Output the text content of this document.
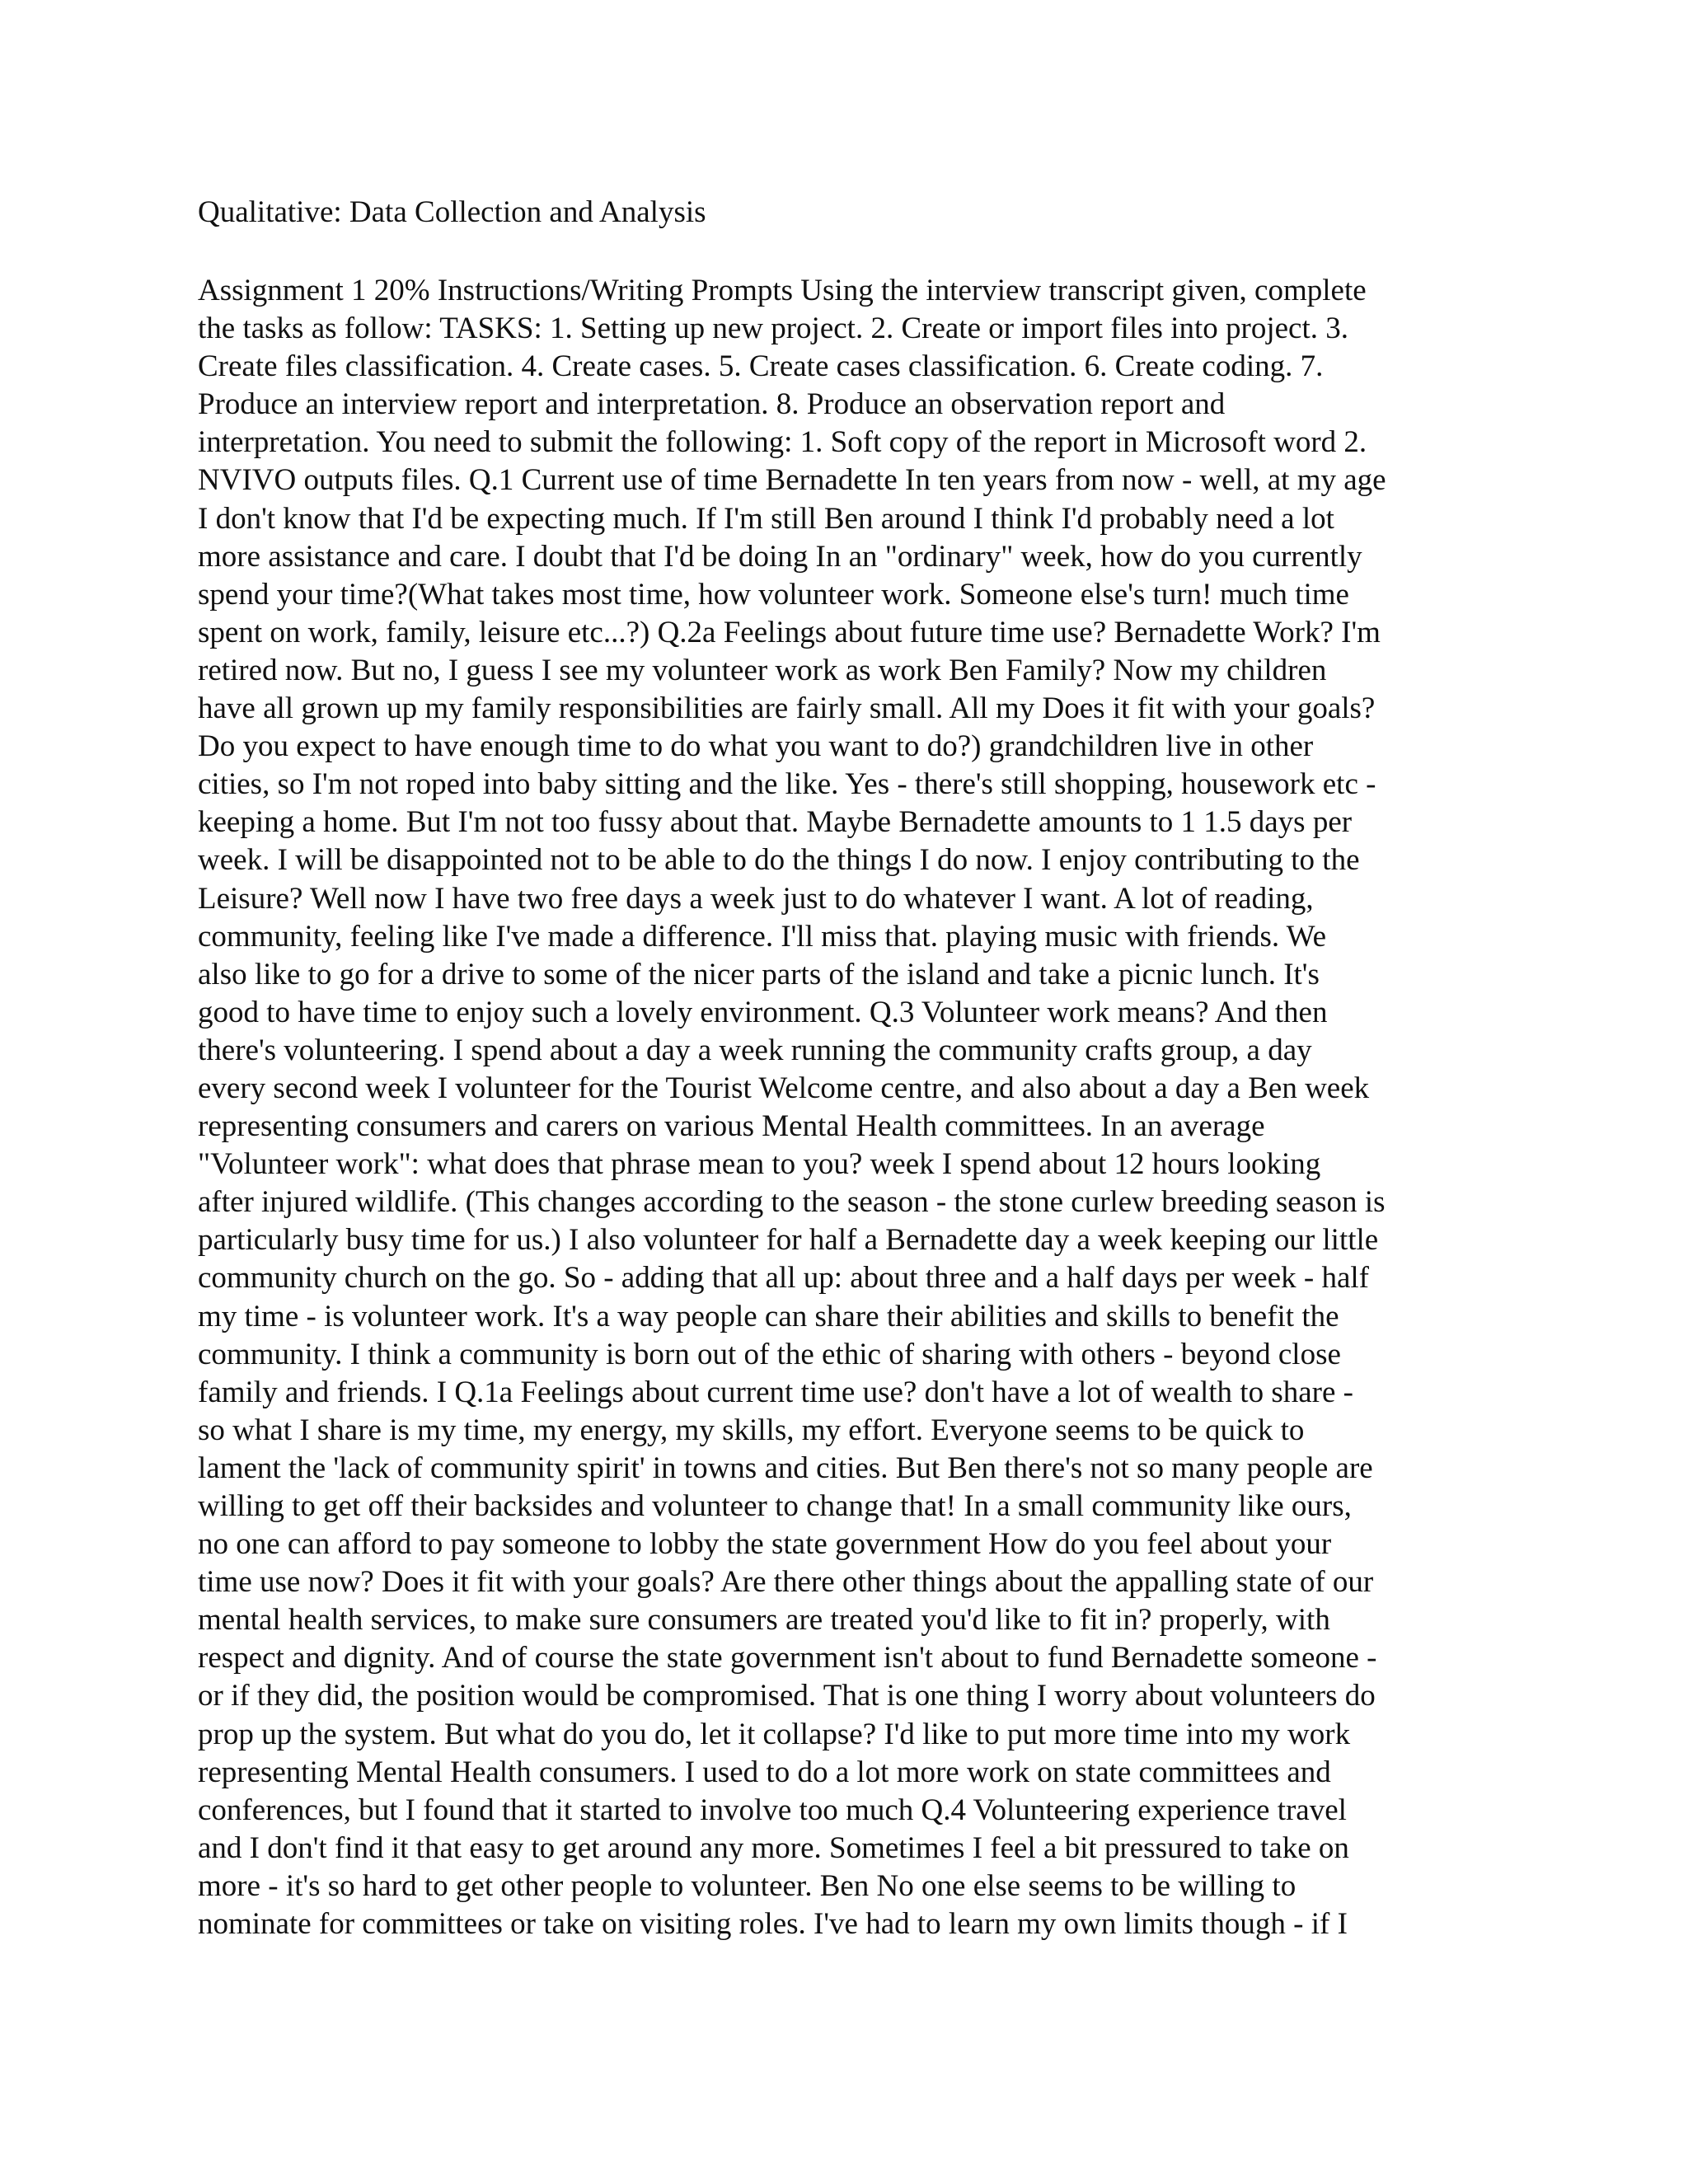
Qualitative: Data Collection and Analysis
Assignment 1 20% Instructions/Writing Prompts Using the interview transcript given, complete
the tasks as follow: TASKS: 1. Setting up new project. 2. Create or import files into project. 3.
Create files classification. 4. Create cases. 5. Create cases classification. 6. Create coding. 7.
Produce an interview report and interpretation. 8. Produce an observation report and
interpretation. You need to submit the following: 1. Soft copy of the report in Microsoft word 2.
NVIVO outputs files. Q.1 Current use of time Bernadette In ten years from now - well, at my age
I don't know that I'd be expecting much. If I'm still Ben around I think I'd probably need a lot
more assistance and care. I doubt that I'd be doing In an "ordinary" week, how do you currently
spend your time?(What takes most time, how volunteer work. Someone else's turn! much time
spent on work, family, leisure etc...?) Q.2a Feelings about future time use? Bernadette Work? I'm
retired now. But no, I guess I see my volunteer work as work Ben Family? Now my children
have all grown up my family responsibilities are fairly small. All my Does it fit with your goals?
Do you expect to have enough time to do what you want to do?) grandchildren live in other
cities, so I'm not roped into baby sitting and the like. Yes - there's still shopping, housework etc -
keeping a home. But I'm not too fussy about that. Maybe Bernadette amounts to 1 1.5 days per
week. I will be disappointed not to be able to do the things I do now. I enjoy contributing to the
Leisure? Well now I have two free days a week just to do whatever I want. A lot of reading,
community, feeling like I've made a difference. I'll miss that. playing music with friends. We
also like to go for a drive to some of the nicer parts of the island and take a picnic lunch. It's
good to have time to enjoy such a lovely environment. Q.3 Volunteer work means? And then
there's volunteering. I spend about a day a week running the community crafts group, a day
every second week I volunteer for the Tourist Welcome centre, and also about a day a Ben week
representing consumers and carers on various Mental Health committees. In an average
"Volunteer work": what does that phrase mean to you? week I spend about 12 hours looking
after injured wildlife. (This changes according to the season - the stone curlew breeding season is
particularly busy time for us.) I also volunteer for half a Bernadette day a week keeping our little
community church on the go. So - adding that all up: about three and a half days per week - half
my time - is volunteer work. It's a way people can share their abilities and skills to benefit the
community. I think a community is born out of the ethic of sharing with others - beyond close
family and friends. I Q.1a Feelings about current time use? don't have a lot of wealth to share -
so what I share is my time, my energy, my skills, my effort. Everyone seems to be quick to
lament the 'lack of community spirit' in towns and cities. But Ben there's not so many people are
willing to get off their backsides and volunteer to change that! In a small community like ours,
no one can afford to pay someone to lobby the state government How do you feel about your
time use now? Does it fit with your goals? Are there other things about the appalling state of our
mental health services, to make sure consumers are treated you'd like to fit in? properly, with
respect and dignity. And of course the state government isn't about to fund Bernadette someone -
or if they did, the position would be compromised. That is one thing I worry about volunteers do
prop up the system. But what do you do, let it collapse? I'd like to put more time into my work
representing Mental Health consumers. I used to do a lot more work on state committees and
conferences, but I found that it started to involve too much Q.4 Volunteering experience travel
and I don't find it that easy to get around any more. Sometimes I feel a bit pressured to take on
more - it's so hard to get other people to volunteer. Ben No one else seems to be willing to
nominate for committees or take on visiting roles. I've had to learn my own limits though - if I
